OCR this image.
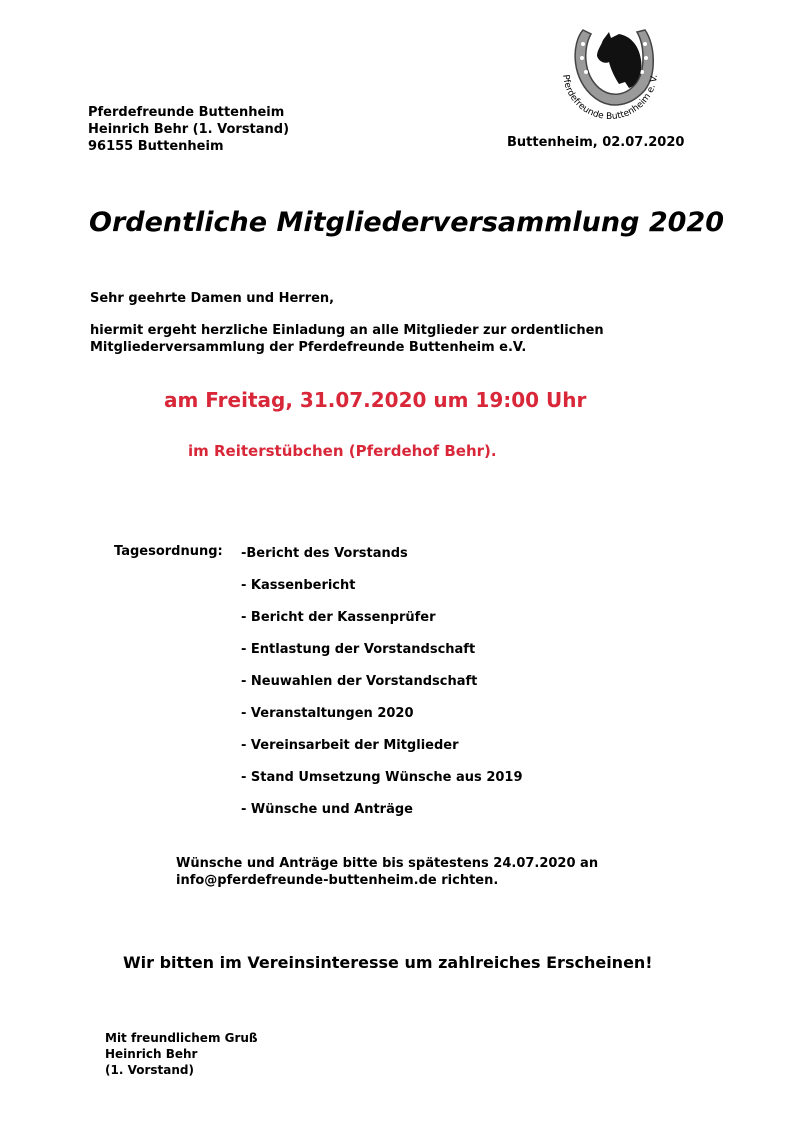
Pferdefreunde Buttenheim e. V.
Pferdefreunde Buttenheim
Heinrich Behr (1. Vorstand)
96155 Buttenheim	Buttenheim, 02.07.2020
Ordentliche Mitgliederversammlung 2020
Sehr geehrte Damen und Herren,
hiermit ergeht herzliche Einladung an alle Mitglieder zur ordentlichen
Mitgliederversammlung der Pferdefreunde Buttenheim e.V.
am Freitag, 31.07.2020 um 19:00 Uhr
im Reiterstübchen (Pferdehof Behr).
Tagesordnung: -Bericht des Vorstands
- Kassenbericht
- Bericht der Kassenprüfer
- Entlastung der Vorstandschaft
- Neuwahlen der Vorstandschaft
- Veranstaltungen 2020
- Vereinsarbeit der Mitglieder
- Stand Umsetzung Wünsche aus 2019
- Wünsche und Anträge
Wünsche und Anträge bitte bis spätestens 24.07.2020 an
info@pferdefreunde-buttenheim.de richten.
Wir bitten im Vereinsinteresse um zahlreiches Erscheinen!
Mit freundlichem Gruß
Heinrich Behr
(1. Vorstand)
